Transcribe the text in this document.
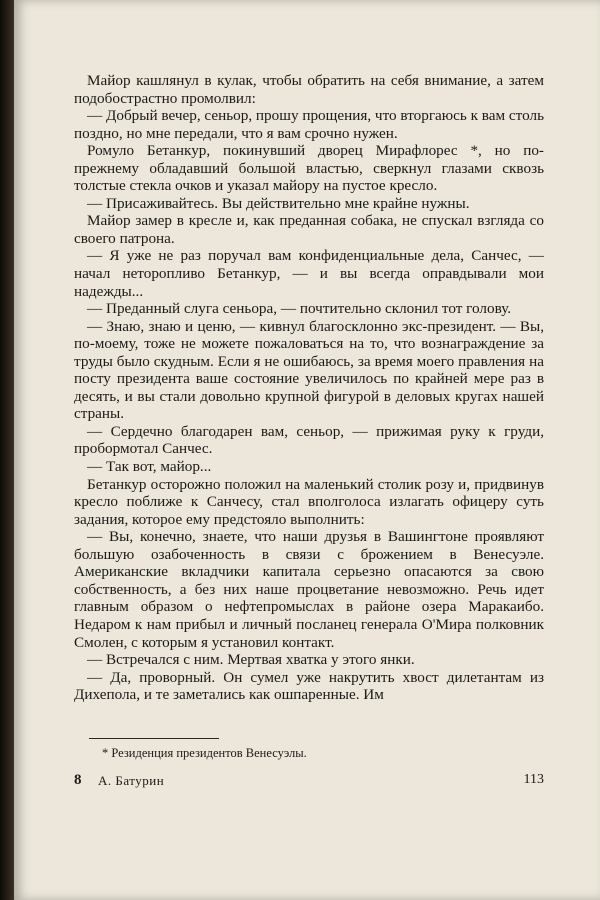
Майор кашлянул в кулак, чтобы обратить на себя внимание, а затем подобострастно промолвил:

— Добрый вечер, сеньор, прошу прощения, что вторгаюсь к вам столь поздно, но мне передали, что я вам срочно нужен.

Ромуло Бетанкур, покинувший дворец Мирафлорес *, но по-прежнему обладавший большой властью, сверкнул глазами сквозь толстые стекла очков и указал майору на пустое кресло.

— Присаживайтесь. Вы действительно мне крайне нужны.

Майор замер в кресле и, как преданная собака, не спускал взгляда со своего патрона.

— Я уже не раз поручал вам конфиденциальные дела, Санчес, — начал неторопливо Бетанкур, — и вы всегда оправдывали мои надежды...

— Преданный слуга сеньора, — почтительно склонил тот голову.

— Знаю, знаю и ценю, — кивнул благосклонно экс-президент. — Вы, по-моему, тоже не можете пожаловаться на то, что вознаграждение за труды было скудным. Если я не ошибаюсь, за время моего правления на посту президента ваше состояние увеличилось по крайней мере раз в десять, и вы стали довольно крупной фигурой в деловых кругах нашей страны.

— Сердечно благодарен вам, сеньор, — прижимая руку к груди, пробормотал Санчес.

— Так вот, майор...

Бетанкур осторожно положил на маленький столик розу и, придвинув кресло поближе к Санчесу, стал вполголоса излагать офицеру суть задания, которое ему предстояло выполнить:

— Вы, конечно, знаете, что наши друзья в Вашингтоне проявляют большую озабоченность в связи с брожением в Венесуэле. Американские вкладчики капитала серьезно опасаются за свою собственность, а без них наше процветание невозможно. Речь идет главным образом о нефтепромыслах в районе озера Маракаибо. Недаром к нам прибыл и личный посланец генерала О'Мира полковник Смолен, с которым я установил контакт.

— Встречался с ним. Мертвая хватка у этого янки.

— Да, проворный. Он сумел уже накрутить хвост дилетантам из Дихепола, и те заметались как ошпаренные. Им

* Резиденция президентов Венесуэлы.
8 А. Батурин	113
